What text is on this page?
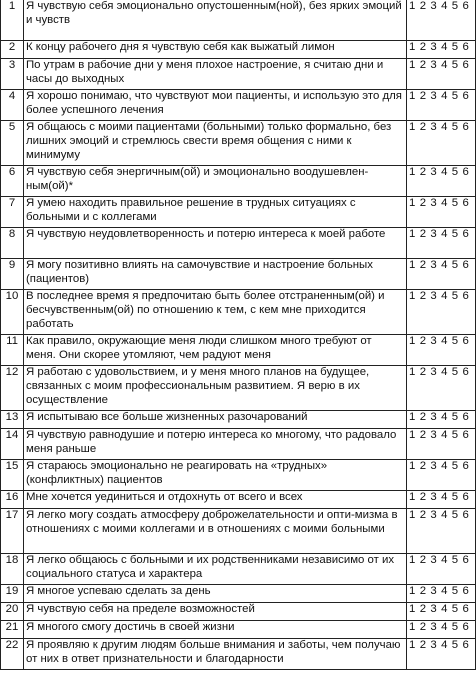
1	Я чувствую себя эмоционально опустошенным(ной), без ярких эмоций и чувств	1 2 3 4 5 6
2	К концу рабочего дня я чувствую себя как выжатый лимон	1 2 3 4 5 6
3	По утрам в рабочие дни у меня плохое настроение, я считаю дни и часы до выходных	1 2 3 4 5 6
4	Я хорошо понимаю, что чувствуют мои пациенты, и использую это для более успешного лечения	1 2 3 4 5 6
5	Я общаюсь с моими пациентами (больными) только формально, без лишних эмоций и стремлюсь свести время общения с ними к минимуму	1 2 3 4 5 6
6	Я чувствую себя энергичным(ой) и эмоционально воодушевлен-ным(ой)*	1 2 3 4 5 6
7	Я умею находить правильное решение в трудных ситуациях с больными и с коллегами	1 2 3 4 5 6
8	Я чувствую неудовлетворенность и потерю интереса к моей работе	1 2 3 4 5 6
9	Я могу позитивно влиять на самочувствие и настроение больных (пациентов)	1 2 3 4 5 6
10	В последнее время я предпочитаю быть более отстраненным(ой) и бесчувственным(ой) по отношению к тем, с кем мне приходится работать	1 2 3 4 5 6
11	Как правило, окружающие меня люди слишком много требуют от меня. Они скорее утомляют, чем радуют меня	1 2 3 4 5 6
12	Я работаю с удовольствием, и у меня много планов на будущее, связанных с моим профессиональным развитием. Я верю в их осуществление	1 2 3 4 5 6
13	Я испытываю все больше жизненных разочарований	1 2 3 4 5 6
14	Я чувствую равнодушие и потерю интереса ко многому, что радовало меня раньше	1 2 3 4 5 6
15	Я стараюсь эмоционально не реагировать на «трудных» (конфликтных) пациентов	1 2 3 4 5 6
16	Мне хочется уединиться и отдохнуть от всего и всех	1 2 3 4 5 6
17	Я легко могу создать атмосферу доброжелательности и опти-мизма в отношениях с моими коллегами и в отношениях с моими больными	1 2 3 4 5 6
18	Я легко общаюсь с больными и их родственниками независимо от их социального статуса и характера	1 2 3 4 5 6
19	Я многое успеваю сделать за день	1 2 3 4 5 6
20	Я чувствую себя на пределе возможностей	1 2 3 4 5 6
21	Я многого смогу достичь в своей жизни	1 2 3 4 5 6
22	Я проявляю к другим людям больше внимания и заботы, чем получаю от них в ответ признательности и благодарности	1 2 3 4 5 6
